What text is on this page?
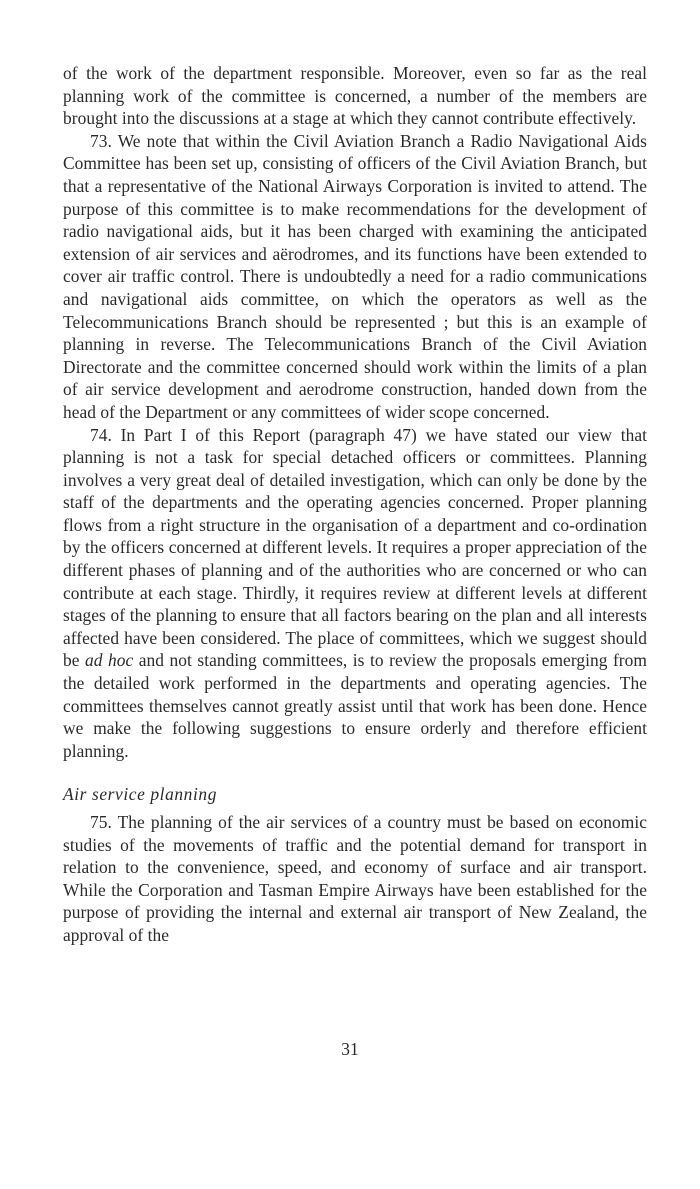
of the work of the department responsible. Moreover, even so far as the real planning work of the committee is concerned, a number of the members are brought into the discussions at a stage at which they cannot contribute effectively.

73. We note that within the Civil Aviation Branch a Radio Navigational Aids Committee has been set up, consisting of officers of the Civil Aviation Branch, but that a representative of the National Airways Corporation is invited to attend. The purpose of this committee is to make recommendations for the development of radio navigational aids, but it has been charged with examining the anticipated extension of air services and aërodromes, and its functions have been extended to cover air traffic control. There is undoubtedly a need for a radio communications and navigational aids committee, on which the operators as well as the Telecommunications Branch should be represented ; but this is an example of planning in reverse. The Telecommunications Branch of the Civil Aviation Directorate and the committee concerned should work within the limits of a plan of air service development and aerodrome construction, handed down from the head of the Department or any committees of wider scope concerned.

74. In Part I of this Report (paragraph 47) we have stated our view that planning is not a task for special detached officers or committees. Planning involves a very great deal of detailed investigation, which can only be done by the staff of the departments and the operating agencies concerned. Proper planning flows from a right structure in the organisation of a department and co-ordination by the officers concerned at different levels. It requires a proper appreciation of the different phases of planning and of the authorities who are concerned or who can contribute at each stage. Thirdly, it requires review at different levels at different stages of the planning to ensure that all factors bearing on the plan and all interests affected have been considered. The place of committees, which we suggest should be ad hoc and not standing committees, is to review the proposals emerging from the detailed work performed in the departments and operating agencies. The committees themselves cannot greatly assist until that work has been done. Hence we make the following suggestions to ensure orderly and therefore efficient planning.

Air service planning

75. The planning of the air services of a country must be based on economic studies of the movements of traffic and the potential demand for transport in relation to the convenience, speed, and economy of surface and air transport. While the Corporation and Tasman Empire Airways have been established for the purpose of providing the internal and external air transport of New Zealand, the approval of the

31
